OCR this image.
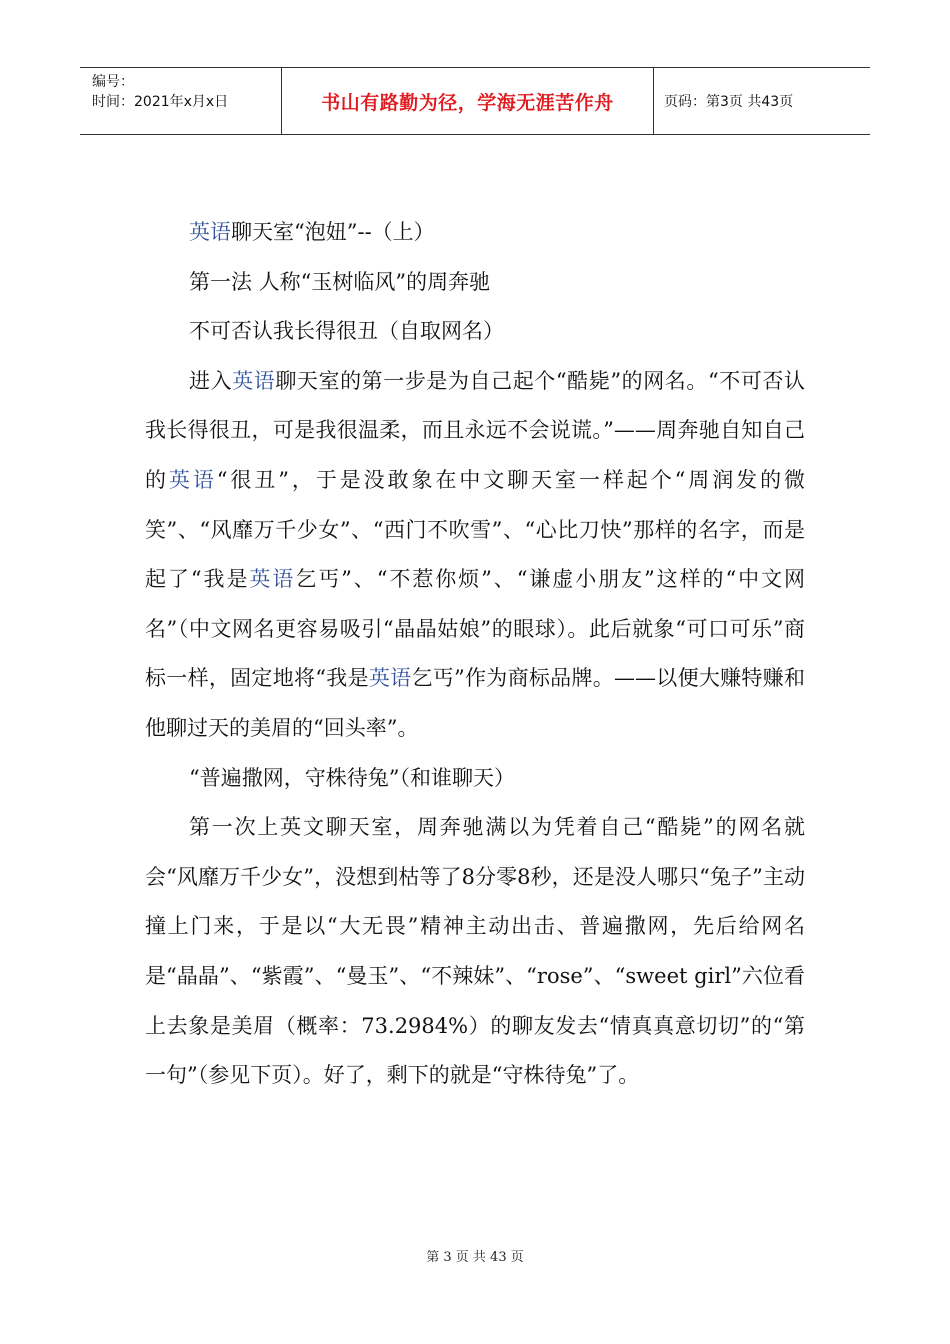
编号：
时间：2021年x月x日	书山有路勤为径，学海无涯苦作舟	页码：第3页 共43页

英语聊天室“泡妞”--（上）

第一法 人称“玉树临风”的周奔驰

不可否认我长得很丑（自取网名）

进入英语聊天室的第一步是为自己起个“酷毙”的网名。“不可否认我长得很丑，可是我很温柔，而且永远不会说谎。”——周奔驰自知自己的英语“很丑”，于是没敢象在中文聊天室一样起个“周润发的微笑”、“风靡万千少女”、“西门不吹雪”、“心比刀快”那样的名字，而是起了“我是英语乞丐”、“不惹你烦”、“谦虚小朋友”这样的“中文网名”（中文网名更容易吸引“晶晶姑娘”的眼球）。此后就象“可口可乐”商标一样，固定地将“我是英语乞丐”作为商标品牌。——以便大赚特赚和他聊过天的美眉的“回头率”。

“普遍撒网，守株待兔”（和谁聊天）

第一次上英文聊天室，周奔驰满以为凭着自己“酷毙”的网名就会“风靡万千少女”，没想到枯等了8分零8秒，还是没人哪只“兔子”主动撞上门来，于是以“大无畏”精神主动出击、普遍撒网，先后给网名是“晶晶”、“紫霞”、“曼玉”、“不辣妹”、“rose”、“sweet girl”六位看上去象是美眉（概率：73.2984%）的聊友发去“情真真意切切”的“第一句”（参见下页）。好了，剩下的就是“守株待兔”了。

第 3 页 共 43 页
